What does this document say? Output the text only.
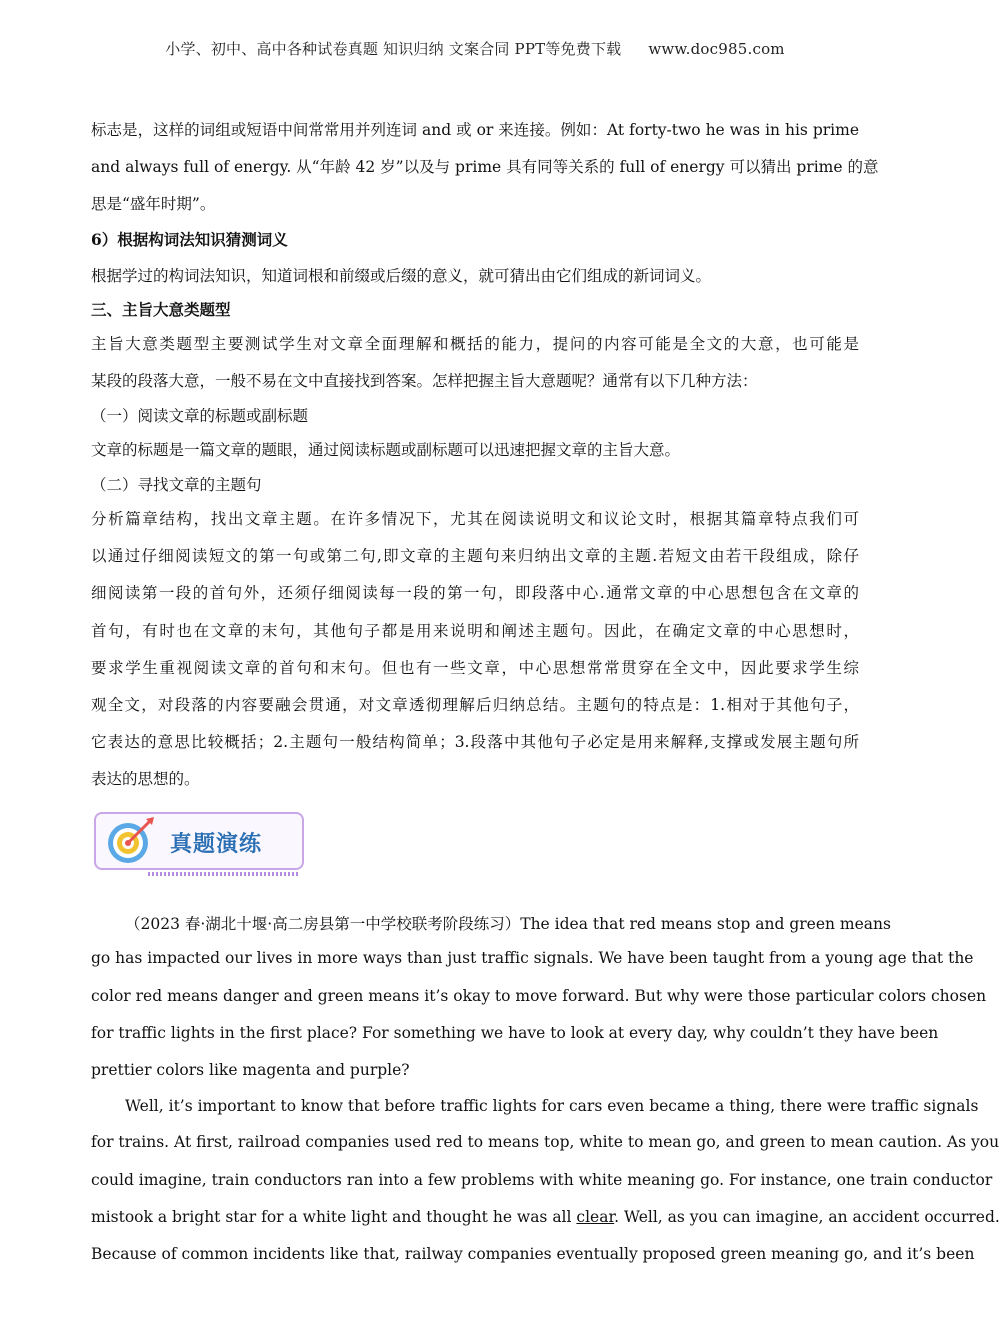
小学、初中、高中各种试卷真题 知识归纳 文案合同 PPT等免费下载 www.doc985.com
标志是，这样的词组或短语中间常常用并列连词 and 或 or 来连接。例如：At forty-two he was in his prime
and always full of energy. 从“年龄 42 岁”以及与 prime 具有同等关系的 full of energy 可以猜出 prime 的意
思是“盛年时期”。
6）根据构词法知识猜测词义
根据学过的构词法知识，知道词根和前缀或后缀的意义，就可猜出由它们组成的新词词义。
三、主旨大意类题型
主旨大意类题型主要测试学生对文章全面理解和概括的能力，提问的内容可能是全文的大意，也可能是
某段的段落大意，一般不易在文中直接找到答案。怎样把握主旨大意题呢？通常有以下几种方法：
（一）阅读文章的标题或副标题
文章的标题是一篇文章的题眼，通过阅读标题或副标题可以迅速把握文章的主旨大意。
（二）寻找文章的主题句
分析篇章结构，找出文章主题。在许多情况下，尤其在阅读说明文和议论文时，根据其篇章特点我们可
以通过仔细阅读短文的第一句或第二句,即文章的主题句来归纳出文章的主题.若短文由若干段组成，除仔
细阅读第一段的首句外，还须仔细阅读每一段的第一句，即段落中心.通常文章的中心思想包含在文章的
首句，有时也在文章的末句，其他句子都是用来说明和阐述主题句。因此，在确定文章的中心思想时，
要求学生重视阅读文章的首句和末句。但也有一些文章，中心思想常常贯穿在全文中，因此要求学生综
观全文，对段落的内容要融会贯通，对文章透彻理解后归纳总结。主题句的特点是：1.相对于其他句子，
它表达的意思比较概括；2.主题句一般结构简单；3.段落中其他句子必定是用来解释,支撑或发展主题句所
表达的思想的。
（2023 春·湖北十堰·高二房县第一中学校联考阶段练习）The idea that red means stop and green means
go has impacted our lives in more ways than just traffic signals. We have been taught from a young age that the
color red means danger and green means it’s okay to move forward. But why were those particular colors chosen
for traffic lights in the first place? For something we have to look at every day, why couldn’t they have been
prettier colors like magenta and purple?
Well, it’s important to know that before traffic lights for cars even became a thing, there were traffic signals
for trains. At first, railroad companies used red to means top, white to mean go, and green to mean caution. As you
could imagine, train conductors ran into a few problems with white meaning go. For instance, one train conductor
mistook a bright star for a white light and thought he was all clear. Well, as you can imagine, an accident occurred.
Because of common incidents like that, railway companies eventually proposed green meaning go, and it’s been
真题演练
